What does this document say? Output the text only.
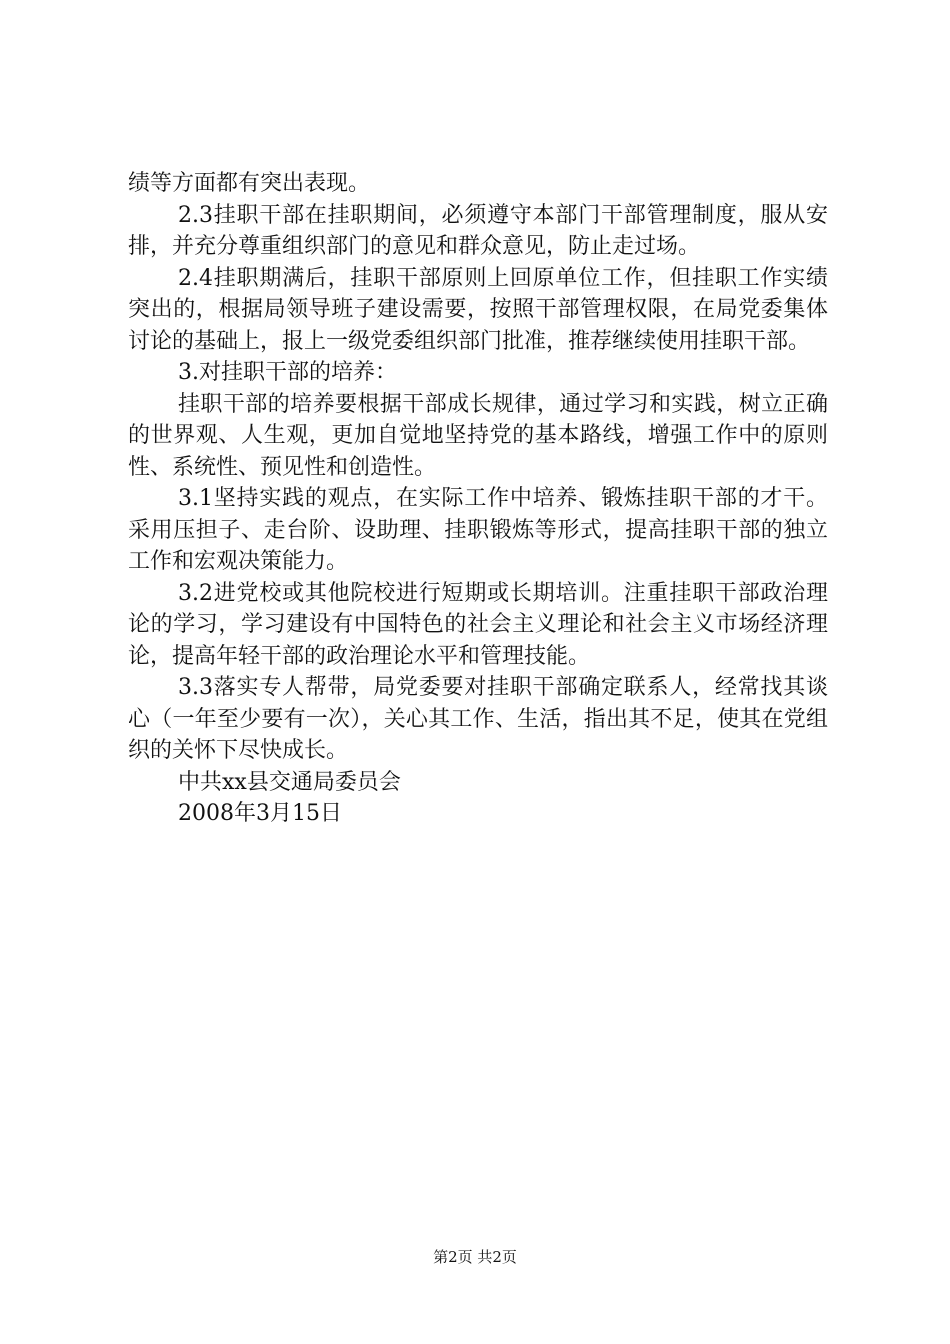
绩等方面都有突出表现。

2.3挂职干部在挂职期间，必须遵守本部门干部管理制度，服从安排，并充分尊重组织部门的意见和群众意见，防止走过场。

2.4挂职期满后，挂职干部原则上回原单位工作，但挂职工作实绩突出的，根据局领导班子建设需要，按照干部管理权限，在局党委集体讨论的基础上，报上一级党委组织部门批准，推荐继续使用挂职干部。

3.对挂职干部的培养：

挂职干部的培养要根据干部成长规律，通过学习和实践，树立正确的世界观、人生观，更加自觉地坚持党的基本路线，增强工作中的原则性、系统性、预见性和创造性。

3.1坚持实践的观点，在实际工作中培养、锻炼挂职干部的才干。采用压担子、走台阶、设助理、挂职锻炼等形式，提高挂职干部的独立工作和宏观决策能力。

3.2进党校或其他院校进行短期或长期培训。注重挂职干部政治理论的学习，学习建设有中国特色的社会主义理论和社会主义市场经济理论，提高年轻干部的政治理论水平和管理技能。

3.3落实专人帮带，局党委要对挂职干部确定联系人，经常找其谈心（一年至少要有一次），关心其工作、生活，指出其不足，使其在党组织的关怀下尽快成长。

中共xx县交通局委员会

2008年3月15日

第2页 共2页
